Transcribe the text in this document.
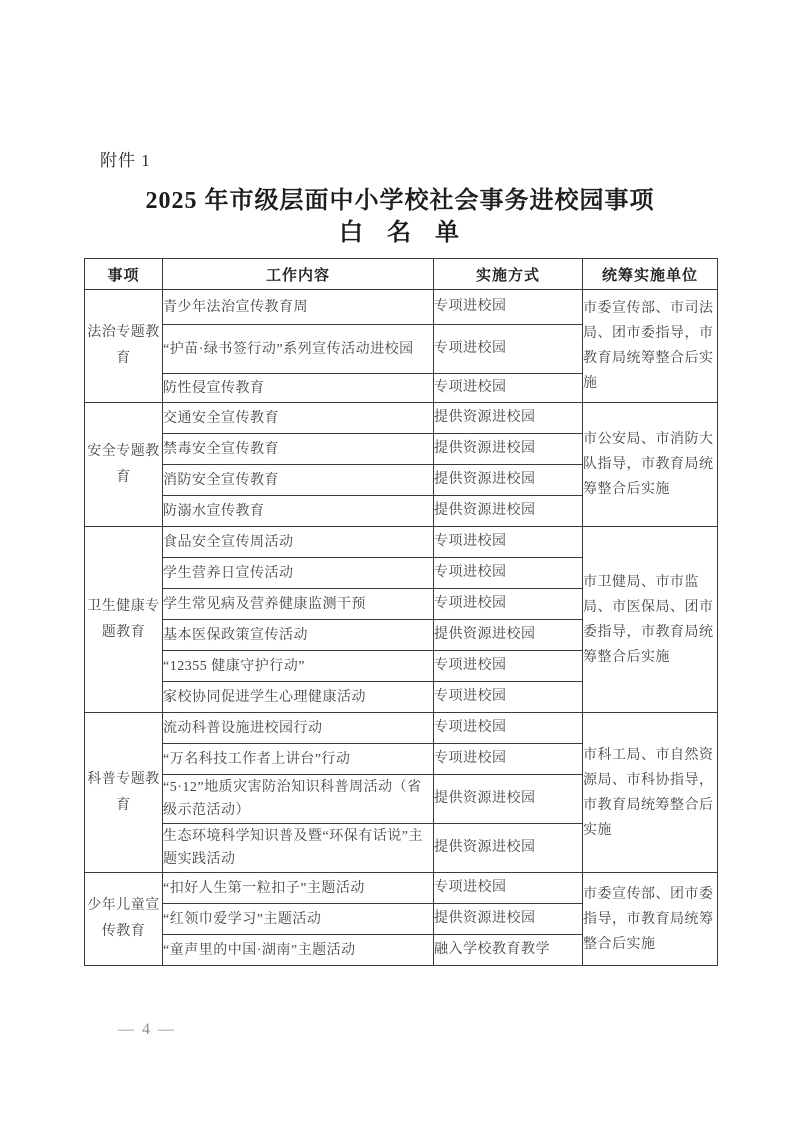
附件 1
2025 年市级层面中小学校社会事务进校园事项
白 名 单
事项	工作内容	实施方式	统筹实施单位
法治专题教育	青少年法治宣传教育周	专项进校园	市委宣传部、市司法局、团市委指导，市教育局统筹整合后实施
	“护苗·绿书签行动”系列宣传活动进校园	专项进校园	
	防性侵宣传教育	专项进校园	
安全专题教育	交通安全宣传教育	提供资源进校园	市公安局、市消防大队指导，市教育局统筹整合后实施
	禁毒安全宣传教育	提供资源进校园	
	消防安全宣传教育	提供资源进校园	
	防溺水宣传教育	提供资源进校园	
卫生健康专题教育	食品安全宣传周活动	专项进校园	市卫健局、市市监局、市医保局、团市委指导，市教育局统筹整合后实施
	学生营养日宣传活动	专项进校园	
	学生常见病及营养健康监测干预	专项进校园	
	基本医保政策宣传活动	提供资源进校园	
	“12355 健康守护行动”	专项进校园	
	家校协同促进学生心理健康活动	专项进校园	
科普专题教育	流动科普设施进校园行动	专项进校园	市科工局、市自然资源局、市科协指导，市教育局统筹整合后实施
	“万名科技工作者上讲台”行动	专项进校园	
	“5·12”地质灾害防治知识科普周活动（省级示范活动）	提供资源进校园	
	生态环境科学知识普及暨“环保有话说”主题实践活动	提供资源进校园	
少年儿童宣传教育	“扣好人生第一粒扣子”主题活动	专项进校园	市委宣传部、团市委指导，市教育局统筹整合后实施
	“红领巾爱学习”主题活动	提供资源进校园	
	“童声里的中国·湖南”主题活动	融入学校教育教学	
— 4 —
